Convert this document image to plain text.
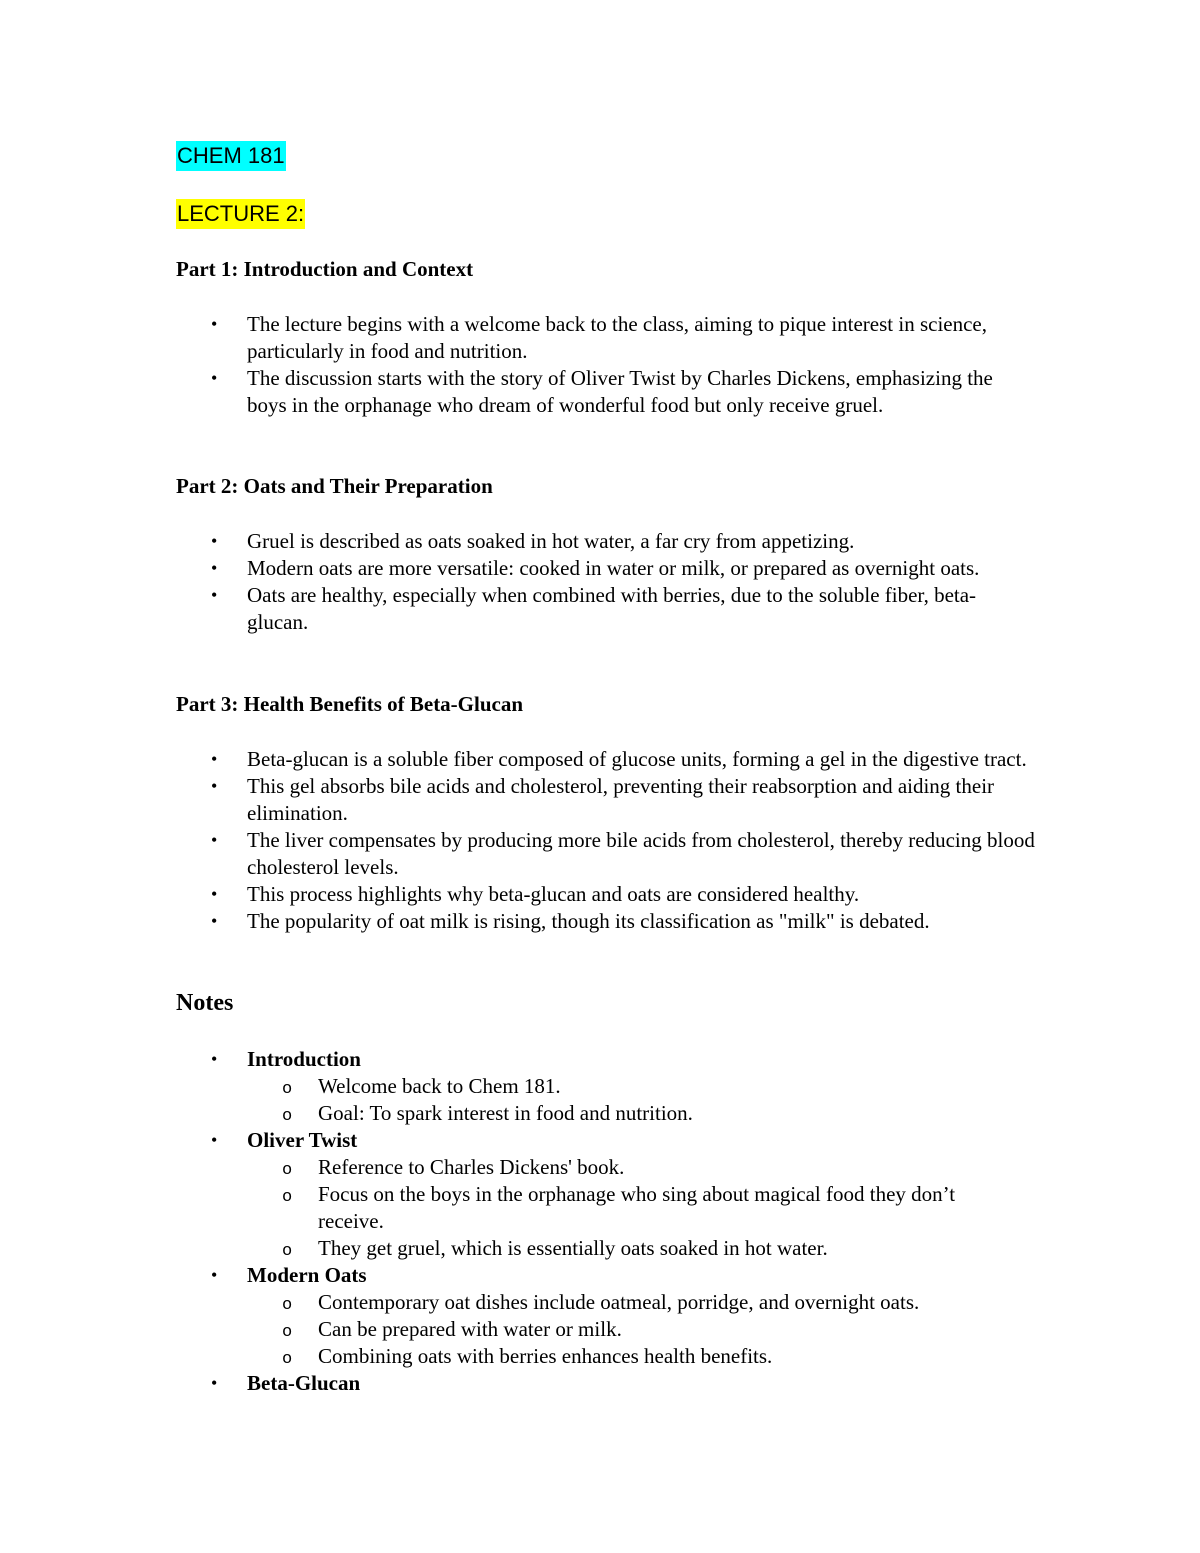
CHEM 181
LECTURE 2:
Part 1: Introduction and Context
• The lecture begins with a welcome back to the class, aiming to pique interest in science, particularly in food and nutrition.
• The discussion starts with the story of Oliver Twist by Charles Dickens, emphasizing the boys in the orphanage who dream of wonderful food but only receive gruel.
Part 2: Oats and Their Preparation
• Gruel is described as oats soaked in hot water, a far cry from appetizing.
• Modern oats are more versatile: cooked in water or milk, or prepared as overnight oats.
• Oats are healthy, especially when combined with berries, due to the soluble fiber, beta-glucan.
Part 3: Health Benefits of Beta-Glucan
• Beta-glucan is a soluble fiber composed of glucose units, forming a gel in the digestive tract.
• This gel absorbs bile acids and cholesterol, preventing their reabsorption and aiding their elimination.
• The liver compensates by producing more bile acids from cholesterol, thereby reducing blood cholesterol levels.
• This process highlights why beta-glucan and oats are considered healthy.
• The popularity of oat milk is rising, though its classification as "milk" is debated.
Notes
• Introduction
o Welcome back to Chem 181.
o Goal: To spark interest in food and nutrition.
• Oliver Twist
o Reference to Charles Dickens' book.
o Focus on the boys in the orphanage who sing about magical food they don’t receive.
o They get gruel, which is essentially oats soaked in hot water.
• Modern Oats
o Contemporary oat dishes include oatmeal, porridge, and overnight oats.
o Can be prepared with water or milk.
o Combining oats with berries enhances health benefits.
• Beta-Glucan
